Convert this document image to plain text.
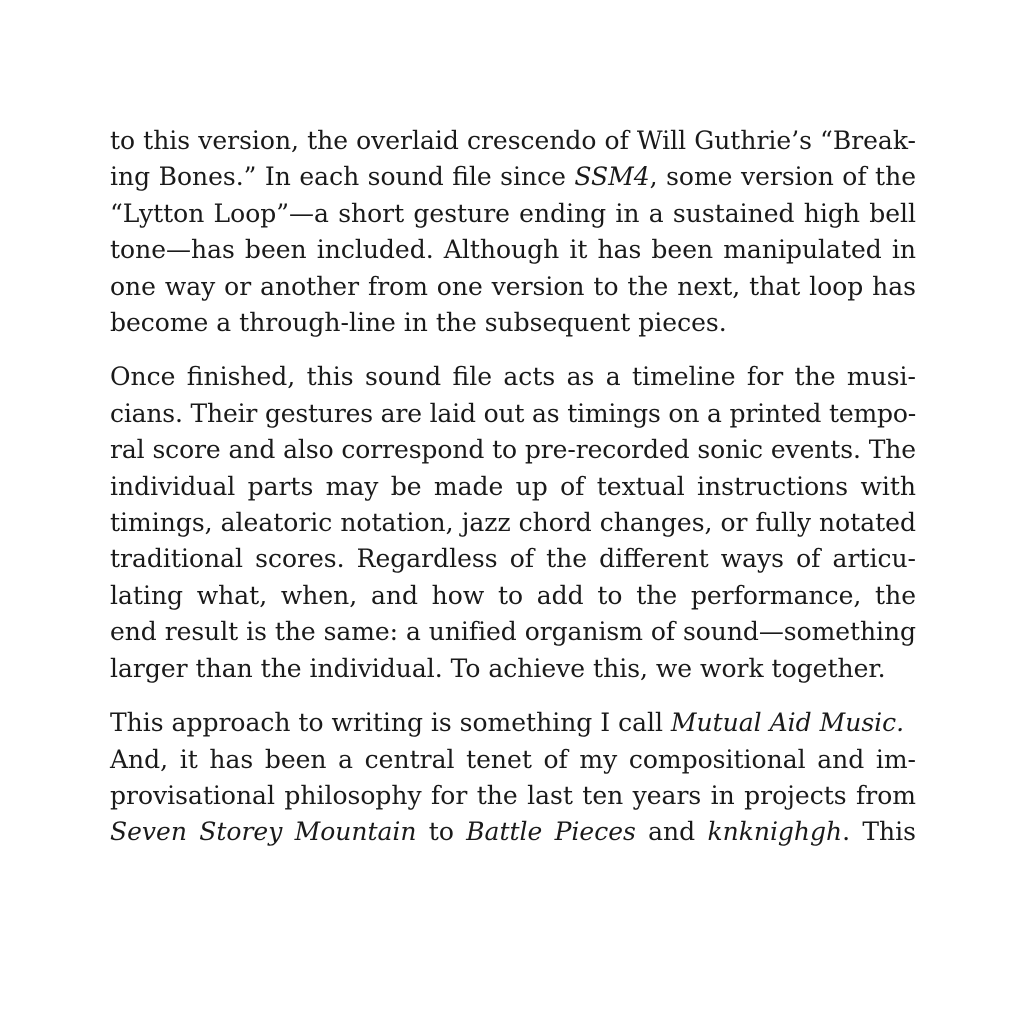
to this version, the overlaid crescendo of Will Guthrie’s “Break-
ing Bones.” In each sound file since SSM4, some version of the
“Lytton Loop”—a short gesture ending in a sustained high bell
tone—has been included. Although it has been manipulated in
one way or another from one version to the next, that loop has
become a through-line in the subsequent pieces.

Once finished, this sound file acts as a timeline for the musi-
cians. Their gestures are laid out as timings on a printed tempo-
ral score and also correspond to pre-recorded sonic events. The
individual parts may be made up of textual instructions with
timings, aleatoric notation, jazz chord changes, or fully notated
traditional scores. Regardless of the different ways of articu-
lating what, when, and how to add to the performance, the
end result is the same: a unified organism of sound—something
larger than the individual. To achieve this, we work together.

This approach to writing is something I call Mutual Aid Music.
And, it has been a central tenet of my compositional and im-
provisational philosophy for the last ten years in projects from
Seven Storey Mountain to Battle Pieces and knknighgh. This
